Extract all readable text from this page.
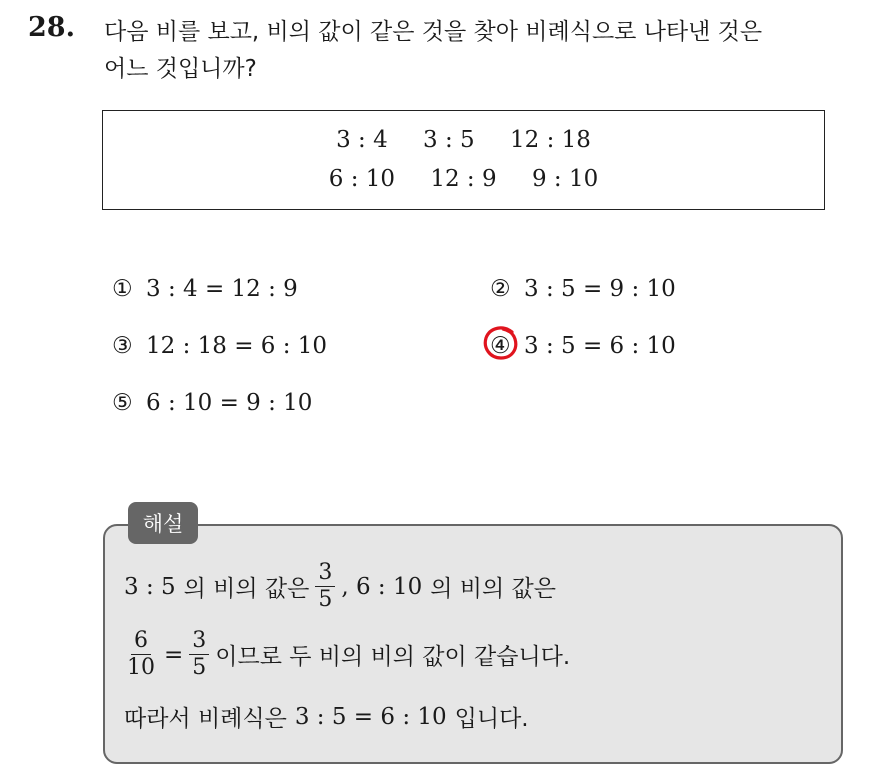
28. 다음 비를 보고, 비의 값이 같은 것을 찾아 비례식으로 나타낸 것은
어느 것입니까?
3 : 4 3 : 5 12 : 18
6 : 10 12 : 9 9 : 10
① 3 : 4 = 12 : 9	② 3 : 5 = 9 : 10
③ 12 : 18 = 6 : 10	④ 3 : 5 = 6 : 10
⑤ 6 : 10 = 9 : 10
해설
3 : 5 의 비의 값은 $\frac{3}{5}$ , 6 : 10 의 비의 값은
$\frac{6}{10} = \frac{3}{5}$ 이므로 두 비의 비의 값이 같습니다.
따라서 비례식은 3 : 5 = 6 : 10 입니다.
